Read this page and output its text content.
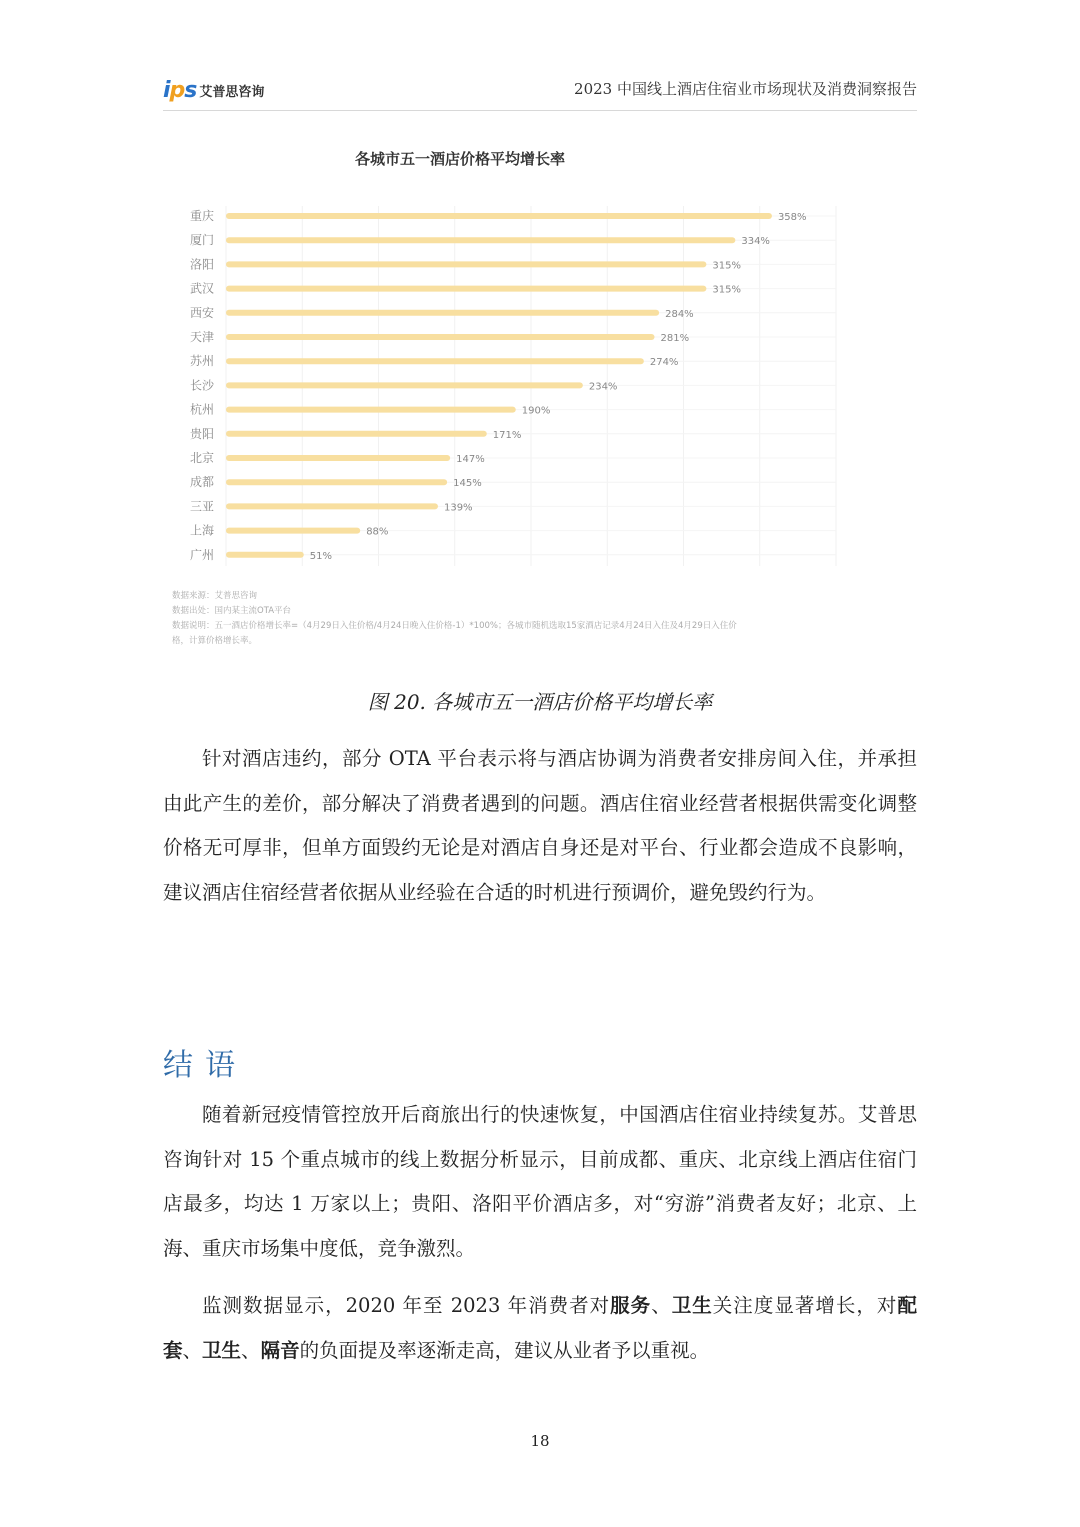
ips 艾普思咨询	2023 中国线上酒店住宿业市场现状及消费洞察报告
各城市五一酒店价格平均增长率
重庆	358%
厦门	334%
洛阳	315%
武汉	315%
西安	284%
天津	281%
苏州	274%
长沙	234%
杭州	190%
贵阳	171%
北京	147%
成都	145%
三亚	139%
上海	88%
广州	51%
数据来源：艾普思咨询
数据出处：国内某主流OTA平台
数据说明：五一酒店价格增长率=（4月29日入住价格/4月24日晚入住价格-1）*100%；各城市随机选取15家酒店记录4月24日入住及4月29日入住价
格，计算价格增长率。
图 20. 各城市五一酒店价格平均增长率

针对酒店违约，部分 OTA 平台表示将与酒店协调为消费者安排房间入住，并承担由此产生的差价，部分解决了消费者遇到的问题。酒店住宿业经营者根据供需变化调整价格无可厚非，但单方面毁约无论是对酒店自身还是对平台、行业都会造成不良影响，建议酒店住宿经营者依据从业经验在合适的时机进行预调价，避免毁约行为。

结语

随着新冠疫情管控放开后商旅出行的快速恢复，中国酒店住宿业持续复苏。艾普思咨询针对 15 个重点城市的线上数据分析显示，目前成都、重庆、北京线上酒店住宿门店最多，均达 1 万家以上；贵阳、洛阳平价酒店多，对“穷游”消费者友好；北京、上海、重庆市场集中度低，竞争激烈。

监测数据显示，2020 年至 2023 年消费者对服务、卫生关注度显著增长，对配套、卫生、隔音的负面提及率逐渐走高，建议从业者予以重视。

18
